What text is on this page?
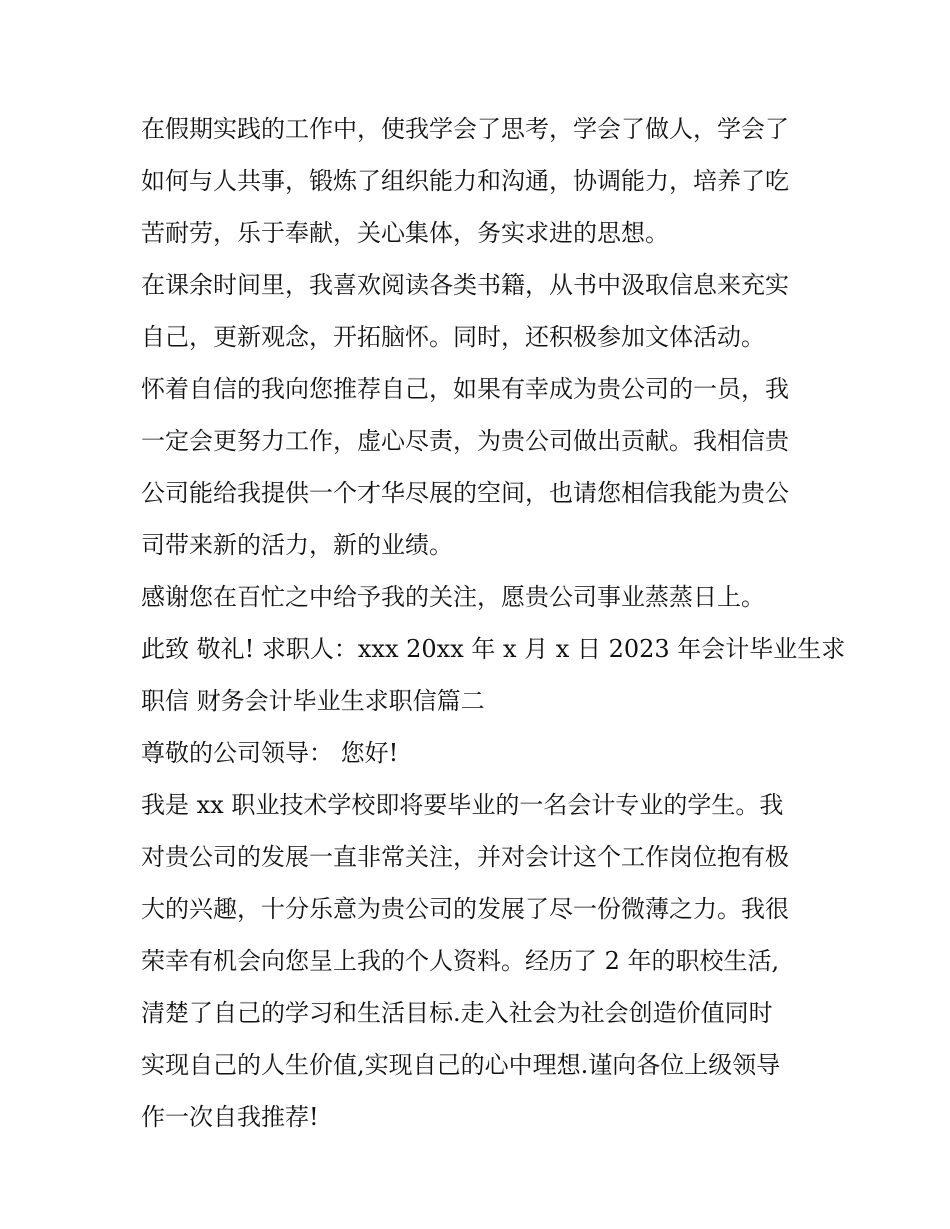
在假期实践的工作中，使我学会了思考，学会了做人，学会了
如何与人共事，锻炼了组织能力和沟通，协调能力，培养了吃
苦耐劳，乐于奉献，关心集体，务实求进的思想。
在课余时间里，我喜欢阅读各类书籍，从书中汲取信息来充实
自己，更新观念，开拓脑怀。同时，还积极参加文体活动。
怀着自信的我向您推荐自己，如果有幸成为贵公司的一员，我
一定会更努力工作，虚心尽责，为贵公司做出贡献。我相信贵
公司能给我提供一个才华尽展的空间，也请您相信我能为贵公
司带来新的活力，新的业绩。
感谢您在百忙之中给予我的关注，愿贵公司事业蒸蒸日上。
此致 敬礼! 求职人：xxx 20xx 年 x 月 x 日 2023 年会计毕业生求
职信 财务会计毕业生求职信篇二
尊敬的公司领导： 您好!
我是 xx 职业技术学校即将要毕业的一名会计专业的学生。我
对贵公司的发展一直非常关注，并对会计这个工作岗位抱有极
大的兴趣，十分乐意为贵公司的发展了尽一份微薄之力。我很
荣幸有机会向您呈上我的个人资料。经历了 2 年的职校生活,
清楚了自己的学习和生活目标.走入社会为社会创造价值同时
实现自己的人生价值,实现自己的心中理想.谨向各位上级领导
作一次自我推荐!
